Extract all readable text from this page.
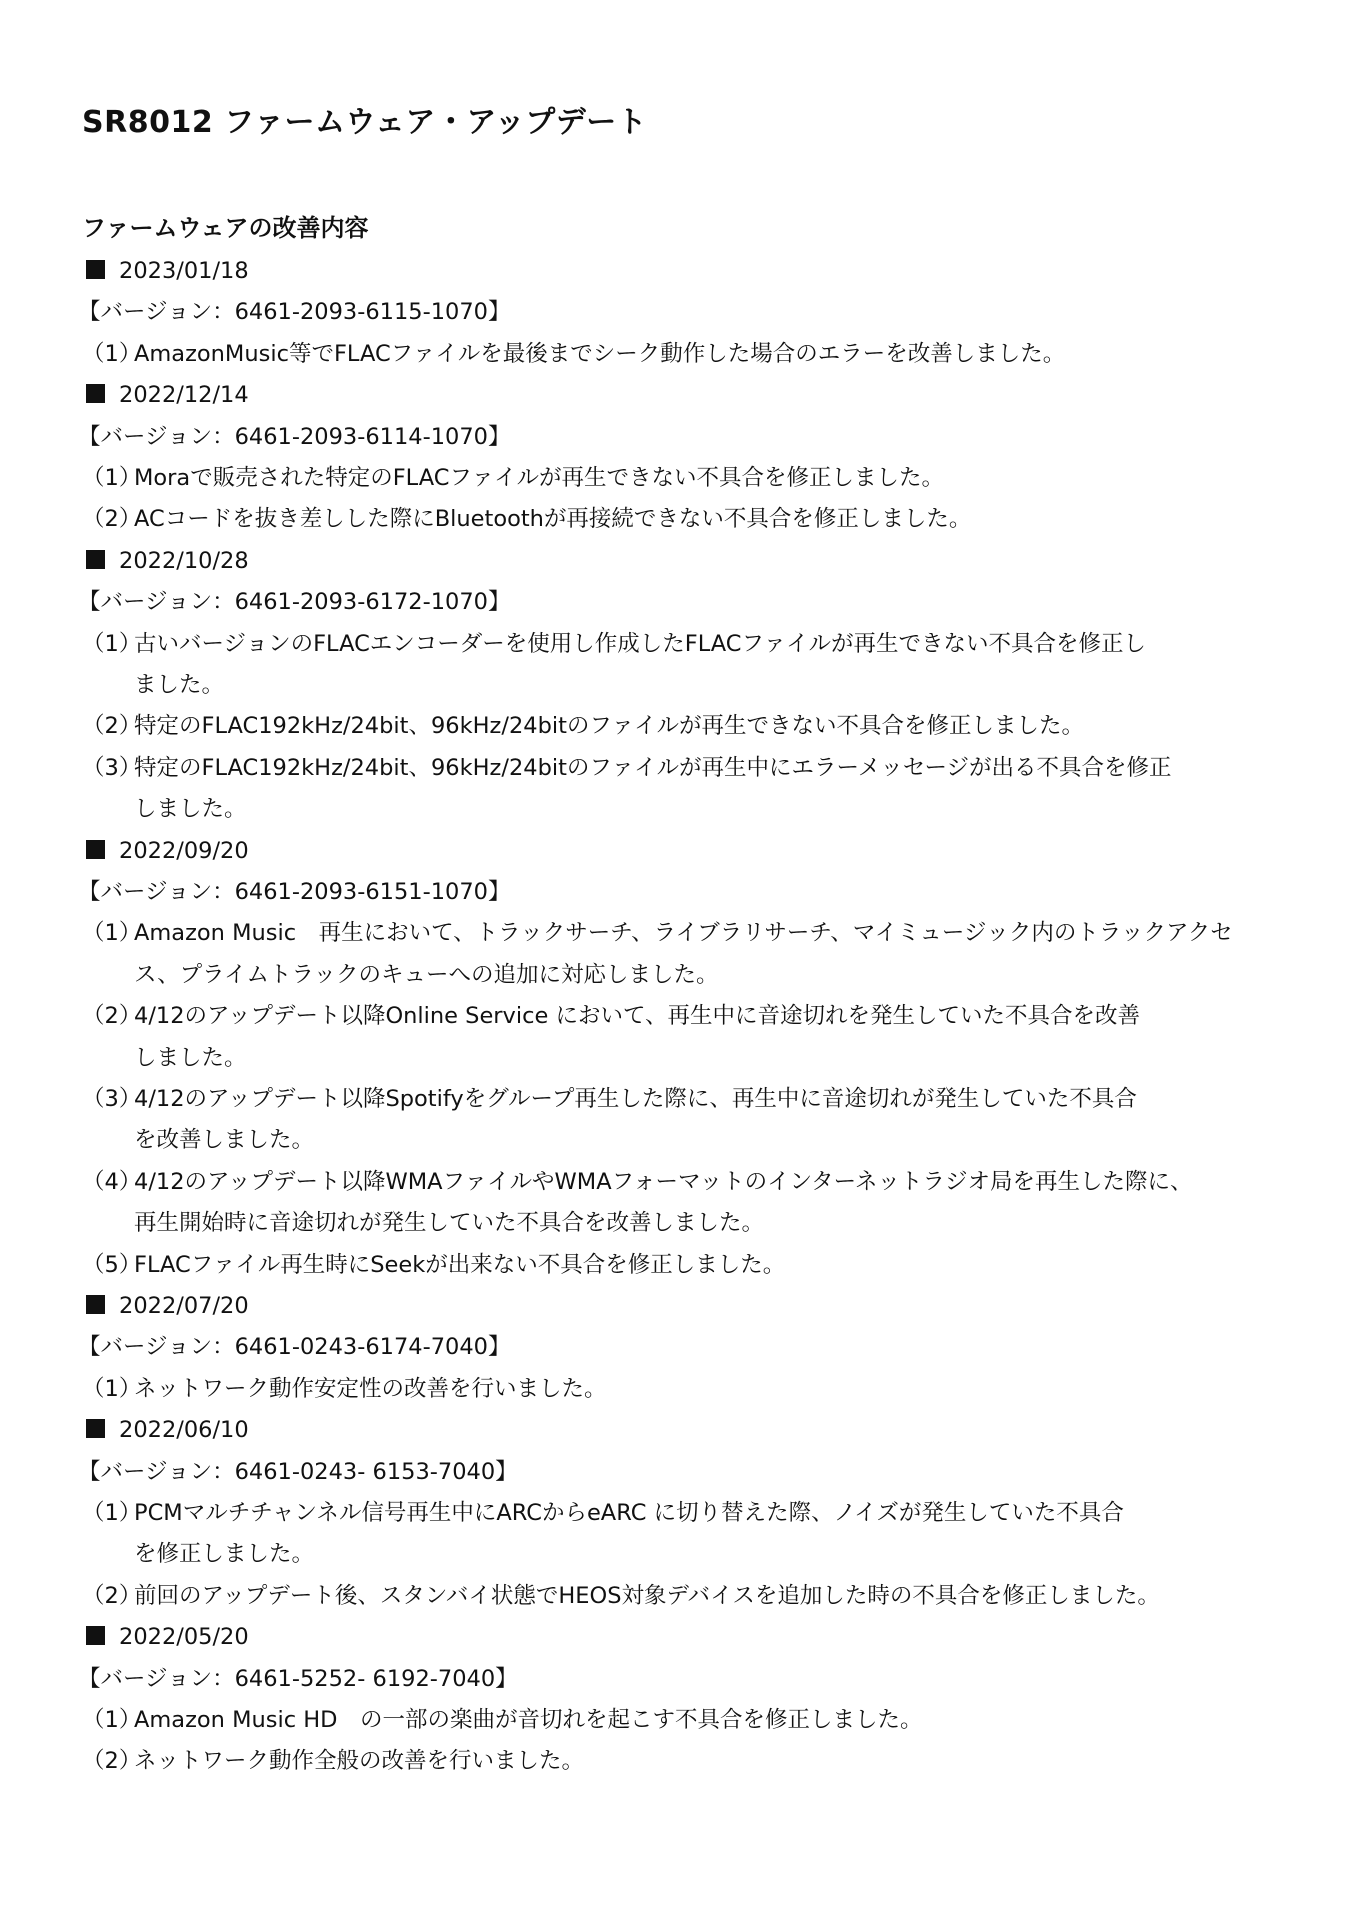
SR8012 ファームウェア・アップデート
ファームウェアの改善内容
2023/01/18
【バージョン：6461-2093-6115-1070】
（1）
AmazonMusic等でFLACファイルを最後までシーク動作した場合のエラーを改善しました。
2022/12/14
【バージョン：6461-2093-6114-1070】
（1）
Moraで販売された特定のFLACファイルが再生できない不具合を修正しました。
（2）
ACコードを抜き差しした際にBluetoothが再接続できない不具合を修正しました。
2022/10/28
【バージョン：6461-2093-6172-1070】
（1）
古いバージョンのFLACエンコーダーを使用し作成したFLACファイルが再生できない不具合を修正し
ました。
（2）
特定のFLAC192kHz/24bit、96kHz/24bitのファイルが再生できない不具合を修正しました。
（3）
特定のFLAC192kHz/24bit、96kHz/24bitのファイルが再生中にエラーメッセージが出る不具合を修正
しました。
2022/09/20
【バージョン：6461-2093-6151-1070】
（1）
Amazon Music　再生において、トラックサーチ、ライブラリサーチ、マイミュージック内のトラックアクセ
ス、プライムトラックのキューへの追加に対応しました。
（2）
4/12のアップデート以降Online Service において、再生中に音途切れを発生していた不具合を改善
しました。
（3）
4/12のアップデート以降Spotifyをグループ再生した際に、再生中に音途切れが発生していた不具合
を改善しました。
（4）
4/12のアップデート以降WMAファイルやWMAフォーマットのインターネットラジオ局を再生した際に、
再生開始時に音途切れが発生していた不具合を改善しました。
（5）
FLACファイル再生時にSeekが出来ない不具合を修正しました。
2022/07/20
【バージョン：6461-0243-6174-7040】
（1）
ネットワーク動作安定性の改善を行いました。
2022/06/10
【バージョン：6461-0243- 6153-7040】
（1）
PCMマルチチャンネル信号再生中にARCからeARC に切り替えた際、ノイズが発生していた不具合
を修正しました。
（2）
前回のアップデート後、スタンバイ状態でHEOS対象デバイスを追加した時の不具合を修正しました。
2022/05/20
【バージョン：6461-5252- 6192-7040】
（1）
Amazon Music HD　の一部の楽曲が音切れを起こす不具合を修正しました。
（2）
ネットワーク動作全般の改善を行いました。
